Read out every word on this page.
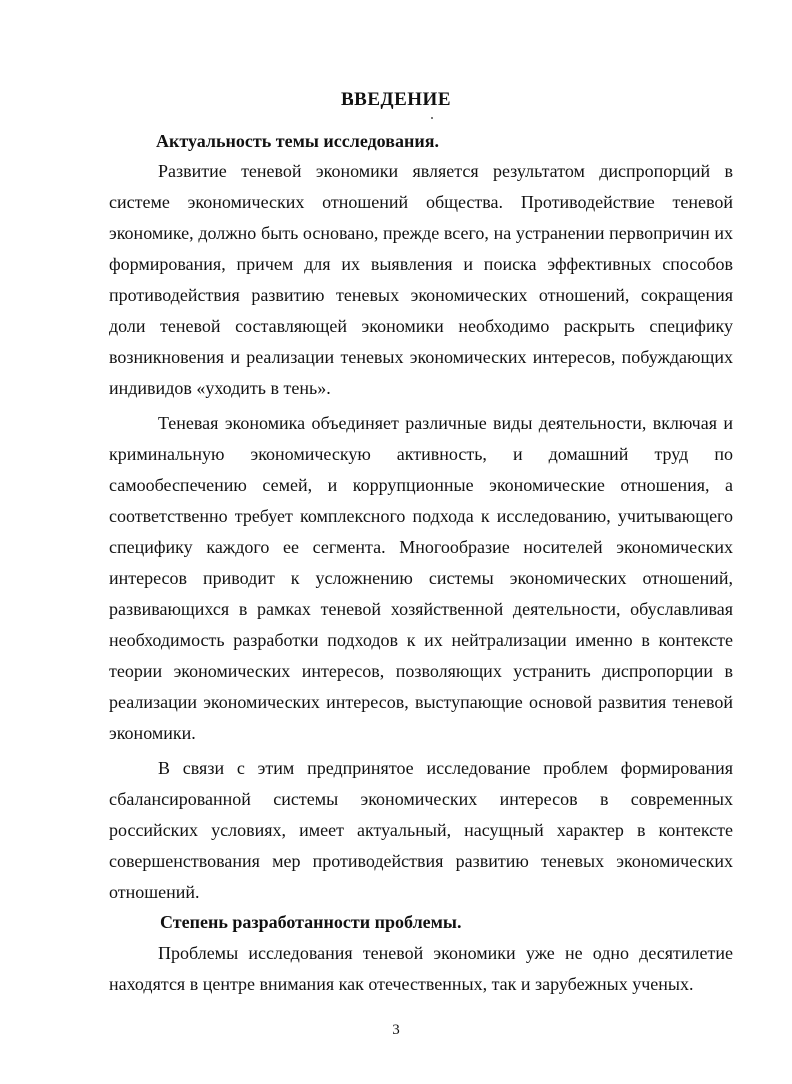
ВВЕДЕНИЕ
Актуальность темы исследования.

Развитие теневой экономики является результатом диспропорций в системе экономических отношений общества. Противодействие теневой экономике, должно быть основано, прежде всего, на устранении первопричин их формирования, причем для их выявления и поиска эффективных способов противодействия развитию теневых экономических отношений, сокращения доли теневой составляющей экономики необходимо раскрыть специфику возникновения и реализации теневых экономических интересов, побуждающих индивидов «уходить в тень».

Теневая экономика объединяет различные виды деятельности, включая и криминальную экономическую активность, и домашний труд по самообеспечению семей, и коррупционные экономические отношения, а соответственно требует комплексного подхода к исследованию, учитывающего специфику каждого ее сегмента. Многообразие носителей экономических интересов приводит к усложнению системы экономических отношений, развивающихся в рамках теневой хозяйственной деятельности, обуславливая необходимость разработки подходов к их нейтрализации именно в контексте теории экономических интересов, позволяющих устранить диспропорции в реализации экономических интересов, выступающие основой развития теневой экономики.

В связи с этим предпринятое исследование проблем формирования сбалансированной системы экономических интересов в современных российских условиях, имеет актуальный, насущный характер в контексте совершенствования мер противодействия развитию теневых экономических отношений.

Степень разработанности проблемы.

Проблемы исследования теневой экономики уже не одно десятилетие находятся в центре внимания как отечественных, так и зарубежных ученых.

3
